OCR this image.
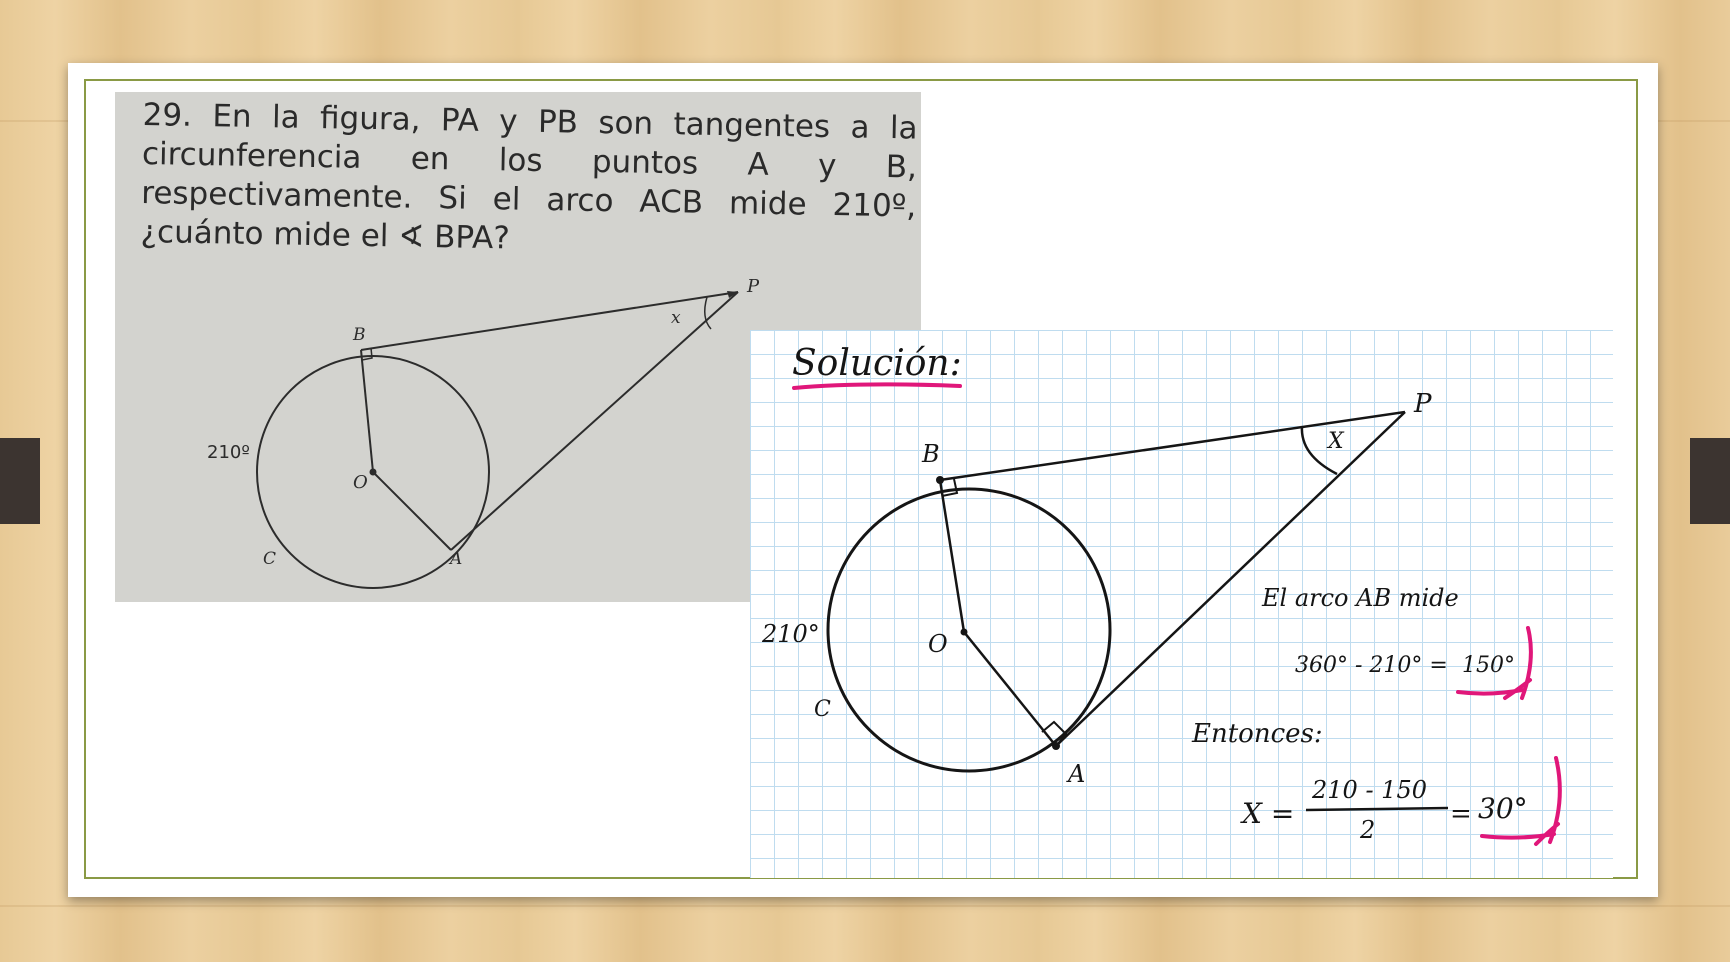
29. En la figura, PA y PB son tangentes a la circunferencia en los puntos A y B, respectivamente. Si el arco ACB mide 210º, ¿cuánto mide el ∢ BPA?

P
B
x
210º
O
C	A
Solución:
P
B	X
210°	O
C
A
El arco AB mide
360° - 210° = 150°
Entonces:
X =
210 - 150
2
= 30°
